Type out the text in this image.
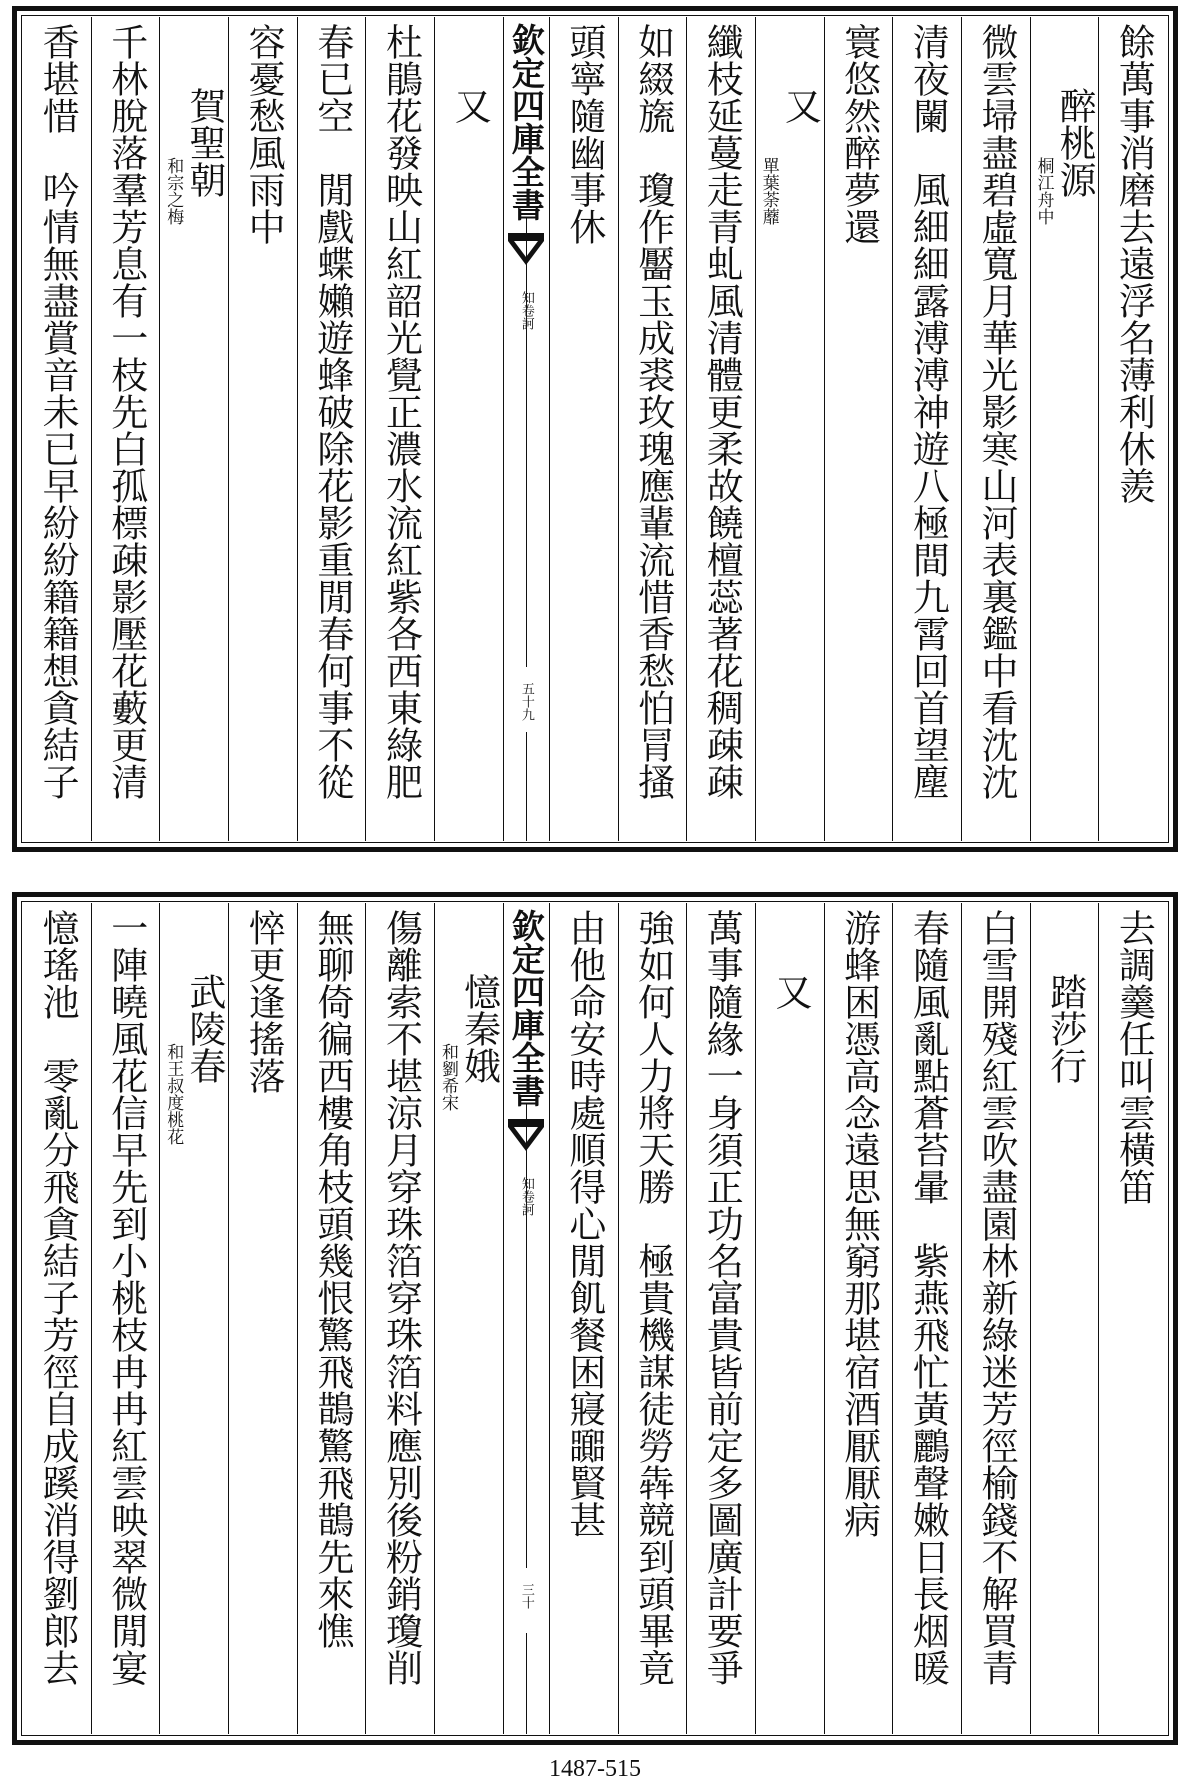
餘萬事消磨去遠浮名薄利休羨
醉桃源
桐江舟中
微雲埽盡碧虛寬月華光影寒山河表裏鑑中看沈沈
清夜闌　風細細露溥溥神遊八極間九霄回首望塵
寰悠然醉夢還
又
單葉荼蘼
纖枝延蔓走青虬風清體更柔故饒檀蕊著花稠疎疎
如綴旒　瓊作靨玉成裘玫瑰應輩流惜香愁怕冐搔
頭寧隨幽事休
欽定四庫全書
知卷訶
五十九
又
杜鵑花發映山紅韶光覺正濃水流紅紫各西東綠肥
春已空　閒戲蝶嬾遊蜂破除花影重閒春何事不從
容憂愁風雨中
賀聖朝
和宗之梅
千林脫落羣芳息有一枝先白孤標疎影壓花藪更清
香堪惜　吟情無盡賞音未已早紛紛籍籍想貪結子
去調羹任叫雲橫笛
踏莎行
白雪開殘紅雲吹盡園林新綠迷芳徑榆錢不解買青
春隨風亂點蒼苔暈　紫燕飛忙黃鸝聲嫩日長烟暖
游蜂困憑高念遠思無窮那堪宿酒厭厭病
又
萬事隨緣一身須正功名富貴皆前定多圖廣計要爭
強如何人力將天勝　極貴機謀徒勞犇競到頭畢竟
由他命安時處順得心閒飢餐困寢嚻賢甚
欽定四庫全書
知卷訶
三十
憶秦娥
和劉希宋
傷離索不堪涼月穿珠箔穿珠箔料應別後粉銷瓊削
無聊倚徧西樓角枝頭幾恨驚飛鵲驚飛鵲先來憔
悴更逢搖落
武陵春
和王叔度桃花
一陣曉風花信早先到小桃枝冉冉紅雲映翠微閒宴
憶瑤池　零亂分飛貪結子芳徑自成蹊消得劉郎去
1487-515
